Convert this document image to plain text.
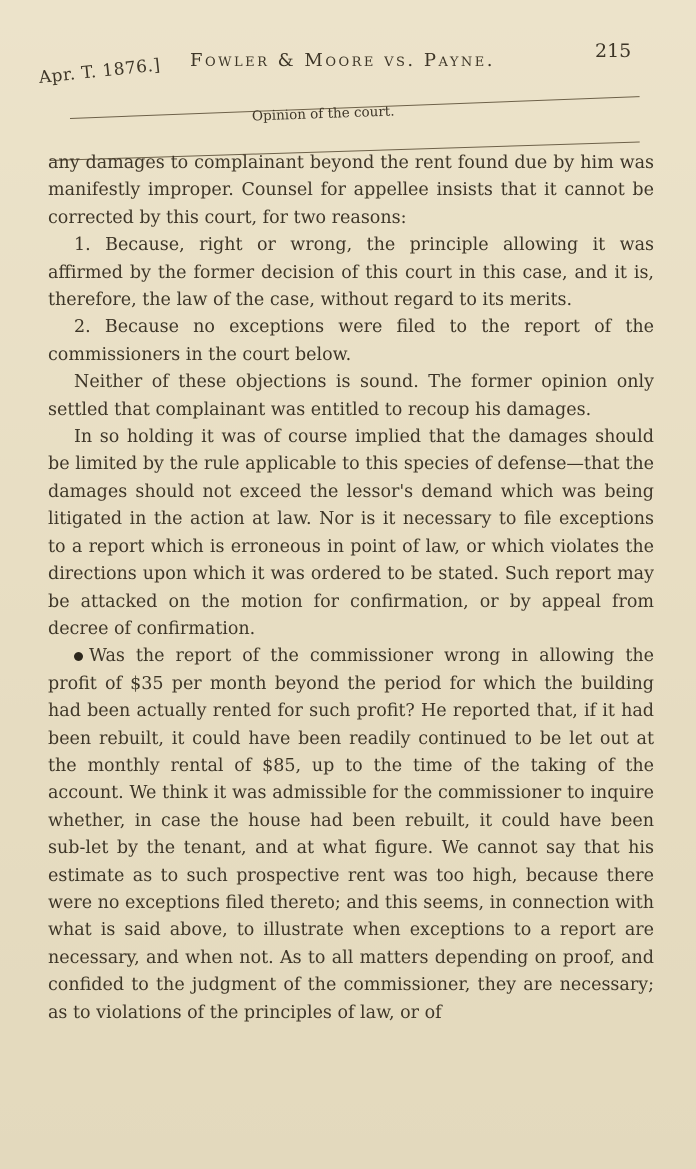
Apr. T. 1876.] Fowler & Moore vs. Payne.	215
Opinion of the court.

any damages to complainant beyond the rent found due by him was manifestly improper. Counsel for appellee insists that it cannot be corrected by this court, for two reasons:

1. Because, right or wrong, the principle allowing it was affirmed by the former decision of this court in this case, and it is, therefore, the law of the case, without regard to its merits.

2. Because no exceptions were filed to the report of the commissioners in the court below.

Neither of these objections is sound. The former opinion only settled that complainant was entitled to recoup his damages.

In so holding it was of course implied that the damages should be limited by the rule applicable to this species of defense—that the damages should not exceed the lessor's demand which was being litigated in the action at law. Nor is it necessary to file exceptions to a report which is erroneous in point of law, or which violates the directions upon which it was ordered to be stated. Such report may be attacked on the motion for confirmation, or by appeal from decree of confirmation.

Was the report of the commissioner wrong in allowing the profit of $35 per month beyond the period for which the building had been actually rented for such profit? He reported that, if it had been rebuilt, it could have been readily continued to be let out at the monthly rental of $85, up to the time of the taking of the account. We think it was admissible for the commissioner to inquire whether, in case the house had been rebuilt, it could have been sub-let by the tenant, and at what figure. We cannot say that his estimate as to such prospective rent was too high, because there were no exceptions filed thereto; and this seems, in connection with what is said above, to illustrate when exceptions to a report are necessary, and when not. As to all matters depending on proof, and confided to the judgment of the commissioner, they are necessary; as to violations of the principles of law, or of
